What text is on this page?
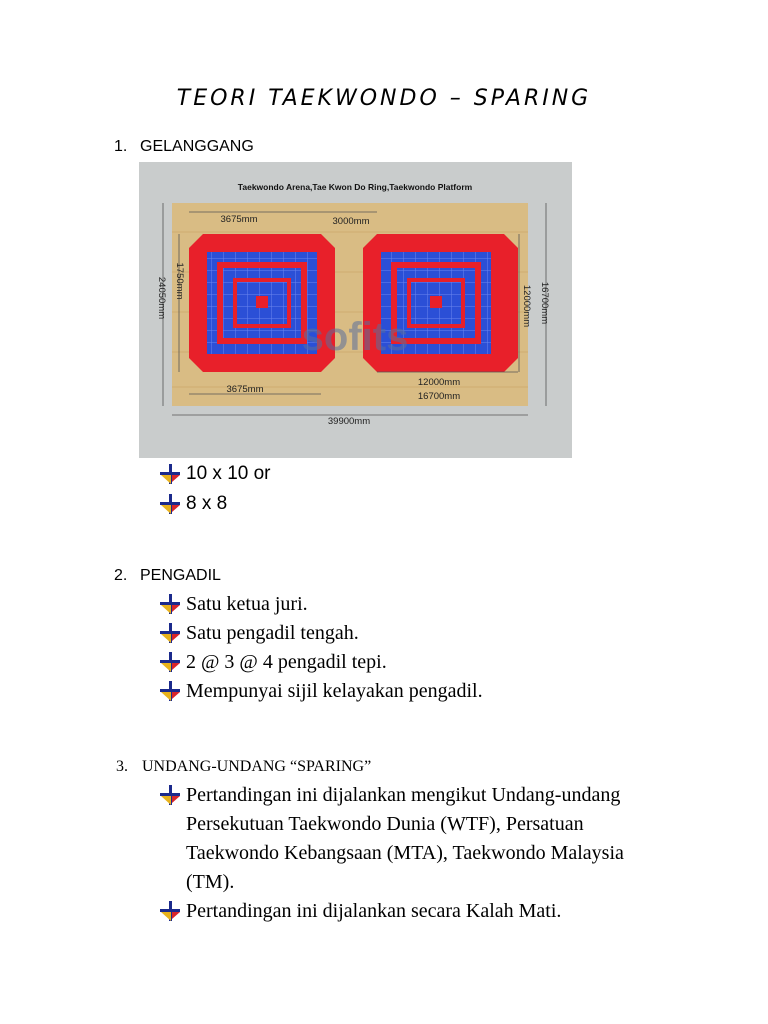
TEORI TAEKWONDO – SPARING
1. GELANGGANG
Taekwondo Arena,Tae Kwon Do Ring,Taekwondo Platform
sofits
3675mm	3000mm
3675mm
12000mm
16700mm
39900mm
1750mm
24050mm	12000mm 16700mm
10 x 10 or
8 x 8
2. PENGADIL
Satu ketua juri.
Satu pengadil tengah.
2 @ 3 @ 4 pengadil tepi.
Mempunyai sijil kelayakan pengadil.
3. UNDANG-UNDANG “SPARING”
Pertandingan ini dijalankan mengikut Undang-undang Persekutuan Taekwondo Dunia (WTF), Persatuan Taekwondo Kebangsaan (MTA), Taekwondo Malaysia (TM).
Pertandingan ini dijalankan secara Kalah Mati.
